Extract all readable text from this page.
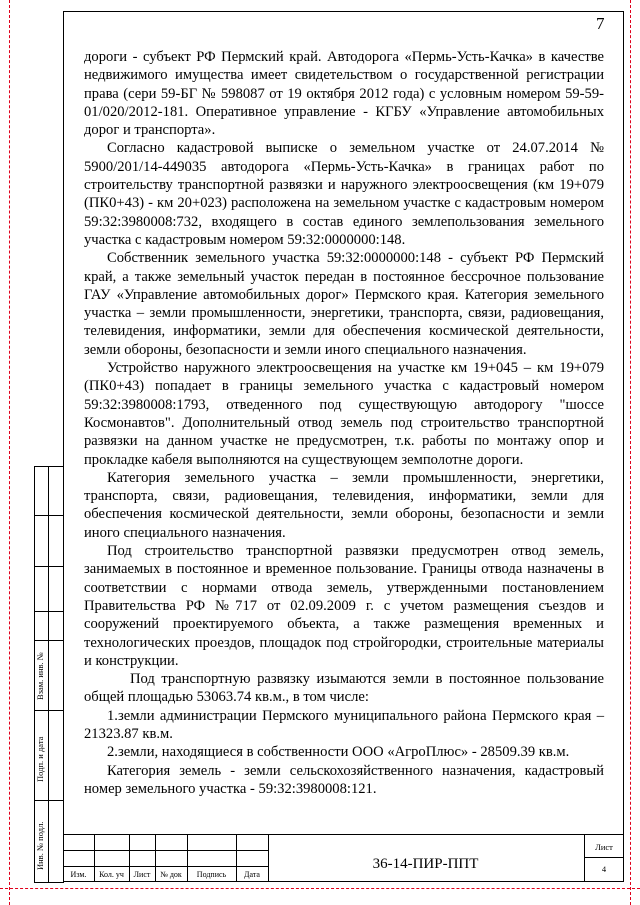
7

дороги - субъект РФ Пермский край. Автодорога «Пермь-Усть-Качка» в качестве недвижимого имущества имеет свидетельством о государственной регистрации права (сери 59-БГ № 598087 от 19 октября 2012 года) с условным номером 59-59-01/020/2012-181. Оперативное управление - КГБУ «Управление автомобильных дорог и транспорта».

Согласно кадастровой выписке о земельном участке от 24.07.2014 № 5900/201/14-449035 автодорога «Пермь-Усть-Качка» в границах работ по строительству транспортной развязки и наружного электроосвещения (км 19+079 (ПК0+43) - км 20+023) расположена на земельном участке с кадастровым номером 59:32:3980008:732, входящего в состав единого землепользования земельного участка с кадастровым номером 59:32:0000000:148.

Собственник земельного участка 59:32:0000000:148 - субъект РФ Пермский край, а также земельный участок передан в постоянное бессрочное пользование ГАУ «Управление автомобильных дорог» Пермского края. Категория земельного участка – земли промышленности, энергетики, транспорта, связи, радиовещания, телевидения, информатики, земли для обеспечения космической деятельности, земли обороны, безопасности и земли иного специального назначения.

Устройство наружного электроосвещения на участке км 19+045 – км 19+079 (ПК0+43) попадает в границы земельного участка с кадастровый номером 59:32:3980008:1793, отведенного под существующую автодорогу "шоссе Космонавтов". Дополнительный отвод земель под строительство транспортной развязки на данном участке не предусмотрен, т.к. работы по монтажу опор и прокладке кабеля выполняются на существующем земполотне дороги.

Категория земельного участка – земли промышленности, энергетики, транспорта, связи, радиовещания, телевидения, информатики, земли для обеспечения космической деятельности, земли обороны, безопасности и земли иного специального назначения.

Под строительство транспортной развязки предусмотрен отвод земель, занимаемых в постоянное и временное пользование. Границы отвода назначены в соответствии с нормами отвода земель, утвержденными постановлением Правительства РФ №717 от 02.09.2009 г. с учетом размещения съездов и сооружений проектируемого объекта, а также размещения временных и технологических проездов, площадок под стройгородки, строительные материалы и конструкции.

Под транспортную развязку изымаются земли в постоянное пользование общей площадью 53063.74 кв.м., в том числе:

1.земли администрации Пермского муниципального района Пермского края – 21323.87 кв.м.

2.земли, находящиеся в собственности ООО «АгроПлюс» - 28509.39 кв.м.

Категория земель - земли сельскохозяйственного назначения, кадастровый номер земельного участка - 59:32:3980008:121.

Взам. инв. №
Подп. и дата
Инв. № подл.
Изм.	Кол. уч	Лист	№ док	Подпись	Дата
36-14-ПИР-ППТ
Лист
4
